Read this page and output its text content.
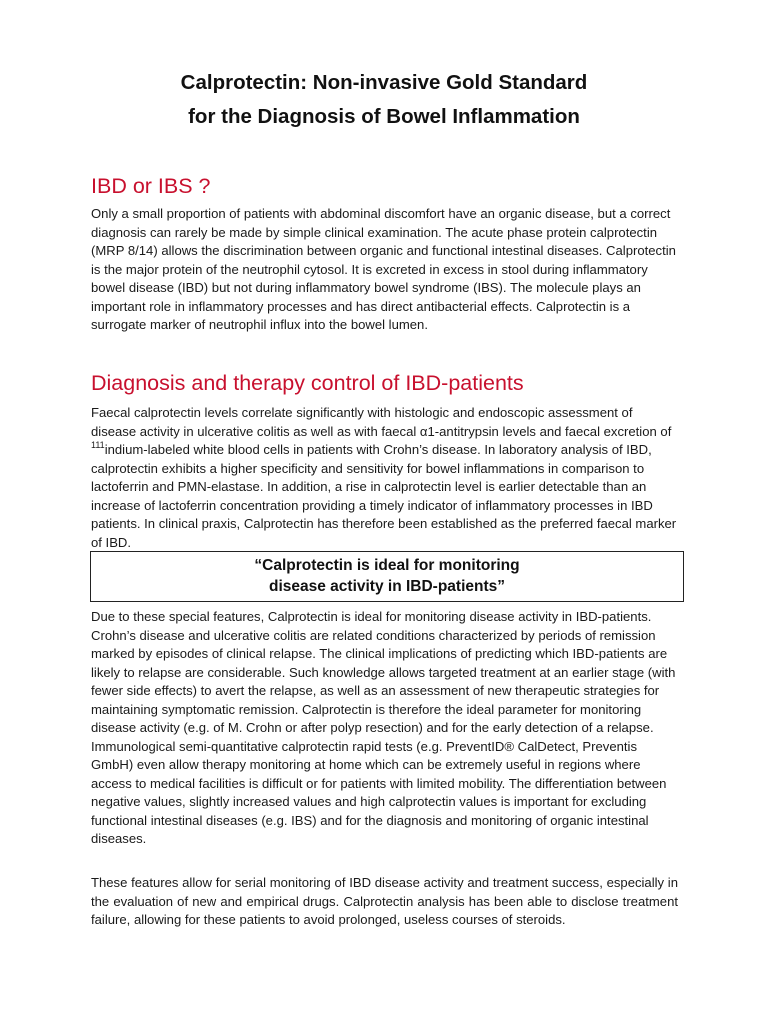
Calprotectin: Non-invasive Gold Standard

for the Diagnosis of Bowel Inflammation

IBD or IBS ?

Only a small proportion of patients with abdominal discomfort have an organic disease, but a correct diagnosis can rarely be made by simple clinical examination. The acute phase protein calprotectin (MRP 8/14) allows the discrimination between organic and functional intestinal diseases. Calprotectin is the major protein of the neutrophil cytosol. It is excreted in excess in stool during inflammatory bowel disease (IBD) but not during inflammatory bowel syndrome (IBS). The molecule plays an important role in inflammatory processes and has direct antibacterial effects. Calprotectin is a surrogate marker of neutrophil influx into the bowel lumen.

Diagnosis and therapy control of IBD-patients

Faecal calprotectin levels correlate significantly with histologic and endoscopic assessment of disease activity in ulcerative colitis as well as with faecal α1-antitrypsin levels and faecal excretion of $^{111}$indium-labeled white blood cells in patients with Crohn’s disease. In laboratory analysis of IBD, calprotectin exhibits a higher specificity and sensitivity for bowel inflammations in comparison to lactoferrin and PMN-elastase. In addition, a rise in calprotectin level is earlier detectable than an increase of lactoferrin concentration providing a timely indicator of inflammatory processes in IBD patients. In clinical praxis, Calprotectin has therefore been established as the preferred faecal marker of IBD.

“Calprotectin is ideal for monitoring

disease activity in IBD-patients”

Due to these special features, Calprotectin is ideal for monitoring disease activity in IBD-patients. Crohn’s disease and ulcerative colitis are related conditions characterized by periods of remission marked by episodes of clinical relapse. The clinical implications of predicting which IBD-patients are likely to relapse are considerable. Such knowledge allows targeted treatment at an earlier stage (with fewer side effects) to avert the relapse, as well as an assessment of new therapeutic strategies for maintaining symptomatic remission. Calprotectin is therefore the ideal parameter for monitoring disease activity (e.g. of M. Crohn or after polyp resection) and for the early detection of a relapse. Immunological semi-quantitative calprotectin rapid tests (e.g. PreventID® CalDetect, Preventis GmbH) even allow therapy monitoring at home which can be extremely useful in regions where access to medical facilities is difficult or for patients with limited mobility. The differentiation between negative values, slightly increased values and high calprotectin values is important for excluding functional intestinal diseases (e.g. IBS) and for the diagnosis and monitoring of organic intestinal diseases.

These features allow for serial monitoring of IBD disease activity and treatment success, especially in the evaluation of new and empirical drugs. Calprotectin analysis has been able to disclose treatment failure, allowing for these patients to avoid prolonged, useless courses of steroids.
